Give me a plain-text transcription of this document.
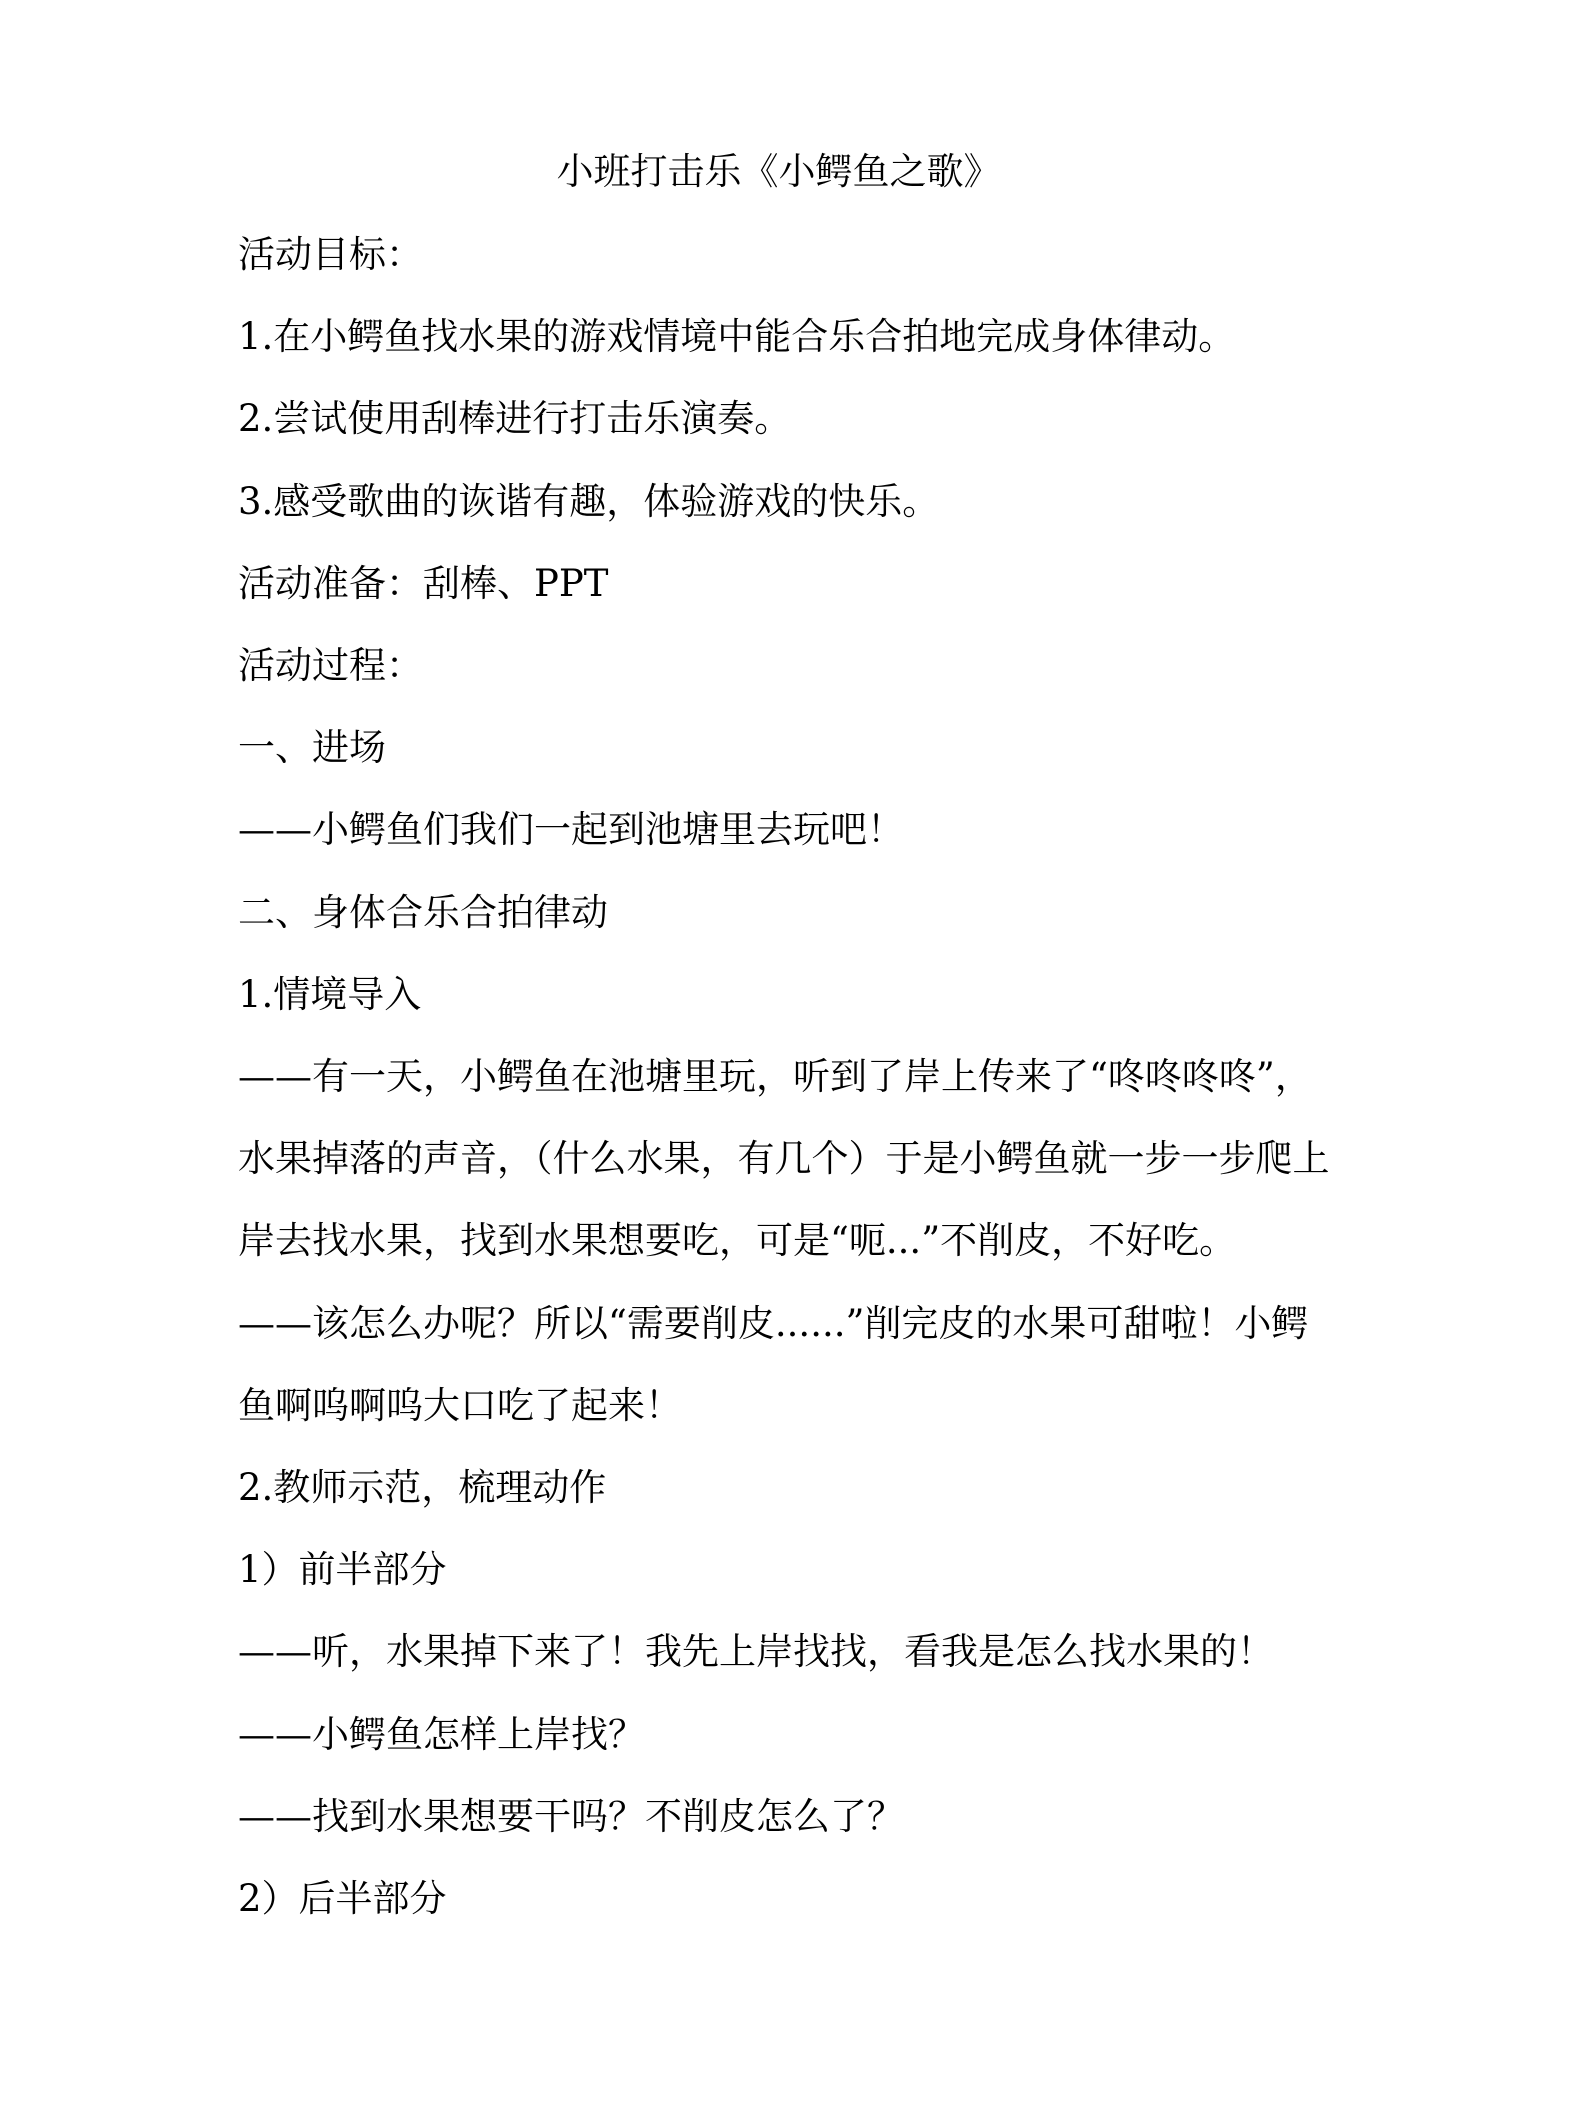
小班打击乐《小鳄鱼之歌》
活动目标：
1.在小鳄鱼找水果的游戏情境中能合乐合拍地完成身体律动。
2.尝试使用刮棒进行打击乐演奏。
3.感受歌曲的诙谐有趣，体验游戏的快乐。
活动准备：刮棒、PPT
活动过程：
一、进场
——小鳄鱼们我们一起到池塘里去玩吧！
二、身体合乐合拍律动
1.情境导入
——有一天，小鳄鱼在池塘里玩，听到了岸上传来了“咚咚咚咚”，
水果掉落的声音，（什么水果，有几个）于是小鳄鱼就一步一步爬上
岸去找水果，找到水果想要吃，可是“呃...”不削皮，不好吃。
——该怎么办呢？所以“需要削皮......”削完皮的水果可甜啦！小鳄
鱼啊呜啊呜大口吃了起来！
2.教师示范，梳理动作
1）前半部分
——听，水果掉下来了！我先上岸找找，看我是怎么找水果的！
——小鳄鱼怎样上岸找？
——找到水果想要干吗？不削皮怎么了？
2）后半部分
